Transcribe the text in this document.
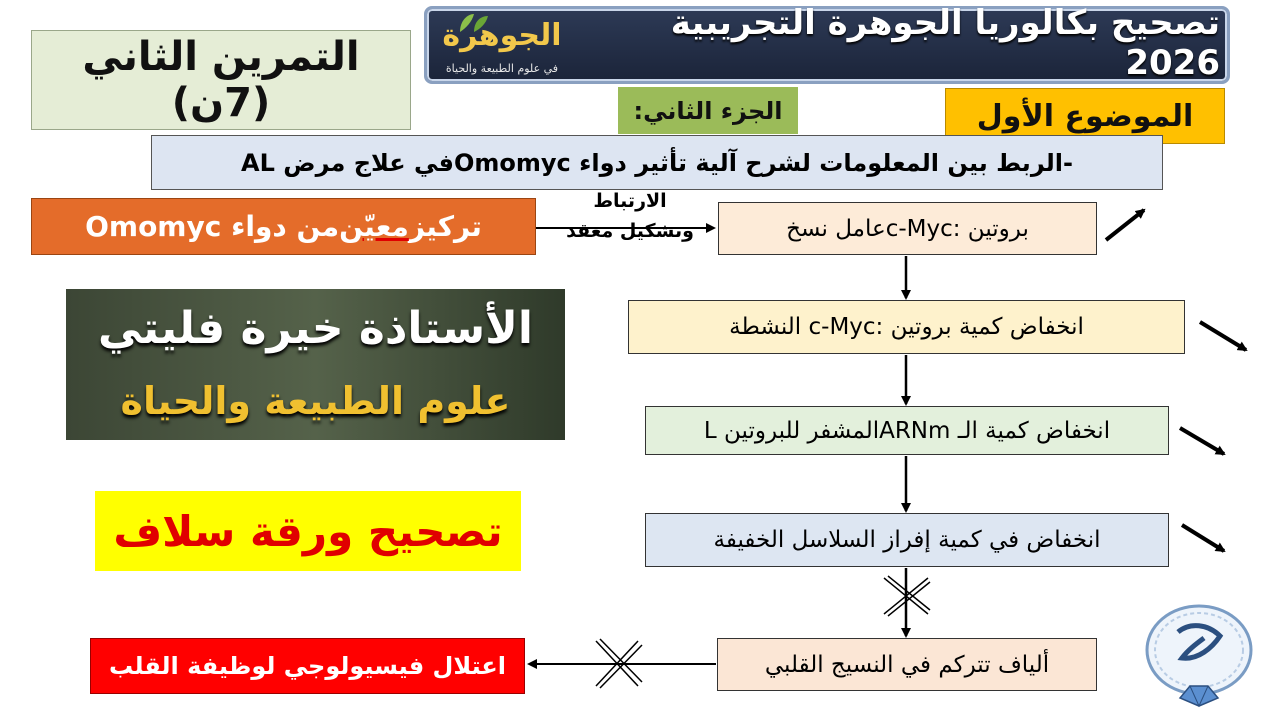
الجوهرة
في علوم الطبيعة والحياة
تصحيح بكالوريا الجوهرة التجريبية 2026
التمرين الثاني (7ن)	الجزء الثاني:	الموضوع الأول
-الربط بين المعلومات لشرح آلية تأثير دواء Omomycفي علاج مرض AL
تركيز
معيّن
من دواء Omomyc
الارتباط
وتشكيل معقد	بروتين :c-Mycعامل نسخ
انخفاض كمية بروتين :c-Myc النشطة
انخفاض كمية الـ ARNmالمشفر للبروتين L
انخفاض في كمية إفراز السلاسل الخفيفة
ألياف تتركم في النسيج القلبي
اعتلال فيسيولوجي لوظيفة القلب
الأستاذة خيرة فليتي
علوم الطبيعة والحياة
تصحيح ورقة سلاف
